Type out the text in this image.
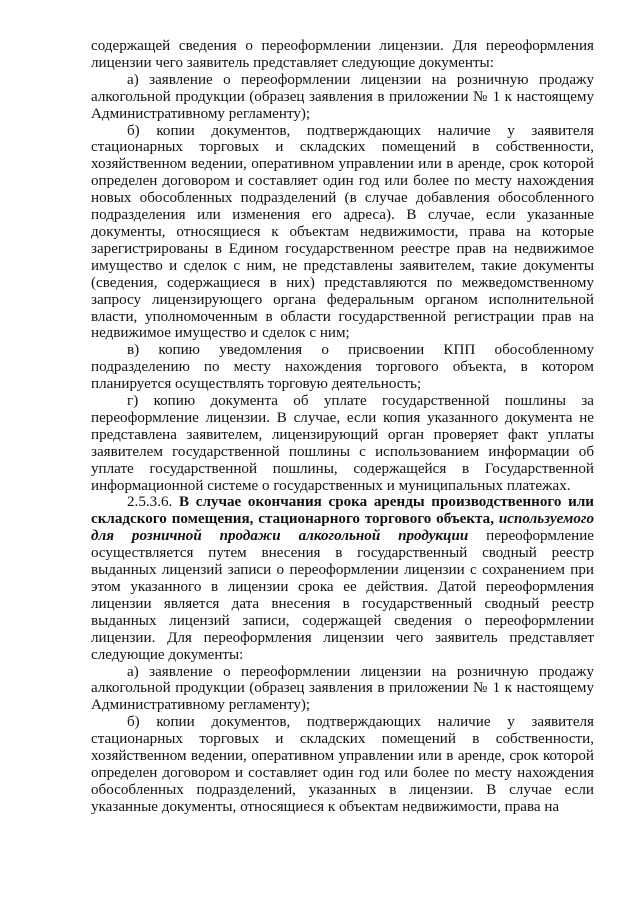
содержащей сведения о переоформлении лицензии. Для переоформления лицензии чего заявитель представляет следующие документы:

а) заявление о переоформлении лицензии на розничную продажу алкогольной продукции (образец заявления в приложении № 1 к настоящему Административному регламенту);

б) копии документов, подтверждающих наличие у заявителя стационарных торговых и складских помещений в собственности, хозяйственном ведении, оперативном управлении или в аренде, срок которой определен договором и составляет один год или более по месту нахождения новых обособленных подразделений (в случае добавления обособленного подразделения или изменения его адреса). В случае, если указанные документы, относящиеся к объектам недвижимости, права на которые зарегистрированы в Едином государственном реестре прав на недвижимое имущество и сделок с ним, не представлены заявителем, такие документы (сведения, содержащиеся в них) представляются по межведомственному запросу лицензирующего органа федеральным органом исполнительной власти, уполномоченным в области государственной регистрации прав на недвижимое имущество и сделок с ним;

в) копию уведомления о присвоении КПП обособленному подразделению по месту нахождения торгового объекта, в котором планируется осуществлять торговую деятельность;

г) копию документа об уплате государственной пошлины за переоформление лицензии. В случае, если копия указанного документа не представлена заявителем, лицензирующий орган проверяет факт уплаты заявителем государственной пошлины с использованием информации об уплате государственной пошлины, содержащейся в Государственной информационной системе о государственных и муниципальных платежах.

2.5.3.6. В случае окончания срока аренды производственного или складского помещения, стационарного торгового объекта, используемого для розничной продажи алкогольной продукции переоформление осуществляется путем внесения в государственный сводный реестр выданных лицензий записи о переоформлении лицензии с сохранением при этом указанного в лицензии срока ее действия. Датой переоформления лицензии является дата внесения в государственный сводный реестр выданных лицензий записи, содержащей сведения о переоформлении лицензии. Для переоформления лицензии чего заявитель представляет следующие документы:

а) заявление о переоформлении лицензии на розничную продажу алкогольной продукции (образец заявления в приложении № 1 к настоящему Административному регламенту);

б) копии документов, подтверждающих наличие у заявителя стационарных торговых и складских помещений в собственности, хозяйственном ведении, оперативном управлении или в аренде, срок которой определен договором и составляет один год или более по месту нахождения обособленных подразделений, указанных в лицензии. В случае если указанные документы, относящиеся к объектам недвижимости, права на
